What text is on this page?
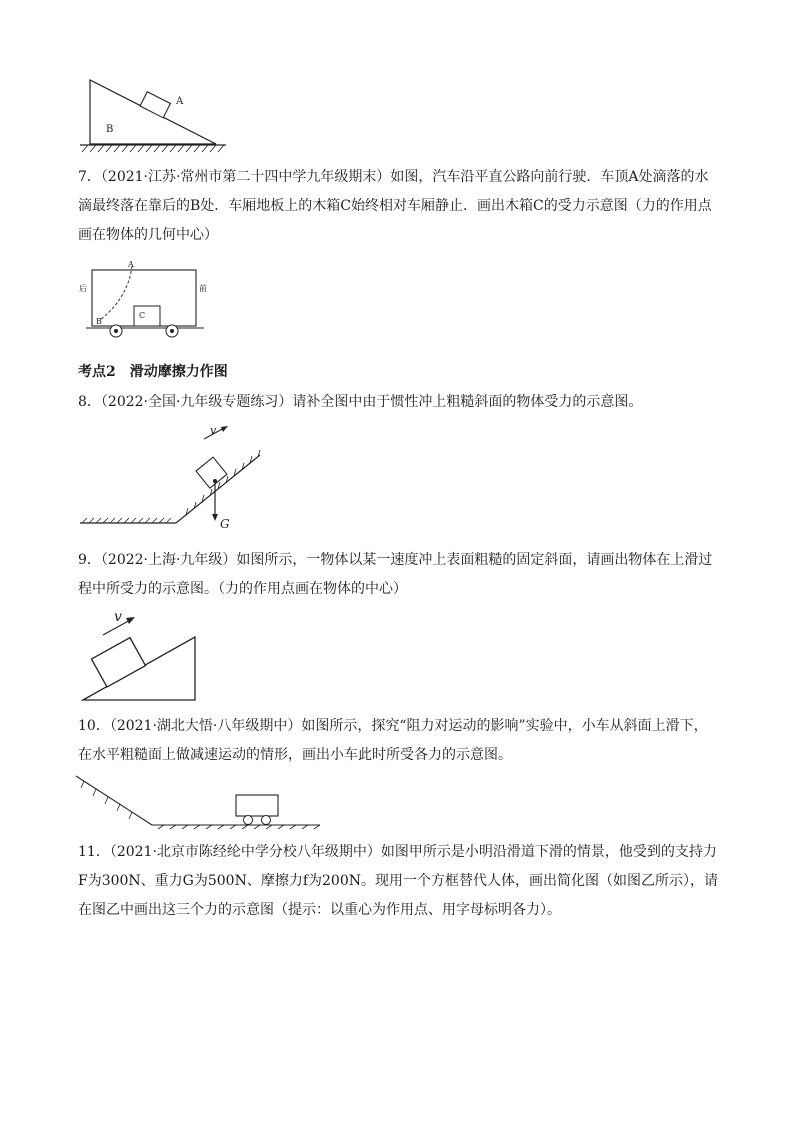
A
B

7．（2021·江苏·常州市第二十四中学九年级期末）如图，汽车沿平直公路向前行驶．车顶A处滴落的水滴最终落在靠后的B处．车厢地板上的木箱C始终相对车厢静止．画出木箱C的受力示意图（力的作用点画在物体的几何中心）

A
B
C
后	前

考点2　滑动摩擦力作图

8．（2022·全国·九年级专题练习）请补全图中由于惯性冲上粗糙斜面的物体受力的示意图。

G
v

9．（2022·上海·九年级）如图所示，一物体以某一速度冲上表面粗糙的固定斜面，请画出物体在上滑过程中所受力的示意图。（力的作用点画在物体的中心）

v

10．（2021·湖北大悟·八年级期中）如图所示，探究“阻力对运动的影响”实验中，小车从斜面上滑下，在水平粗糙面上做减速运动的情形，画出小车此时所受各力的示意图。

11．（2021·北京市陈经纶中学分校八年级期中）如图甲所示是小明沿滑道下滑的情景，他受到的支持力F为300N、重力G为500N、摩擦力f为200N。现用一个方框替代人体，画出简化图（如图乙所示），请在图乙中画出这三个力的示意图（提示：以重心为作用点、用字母标明各力）。
